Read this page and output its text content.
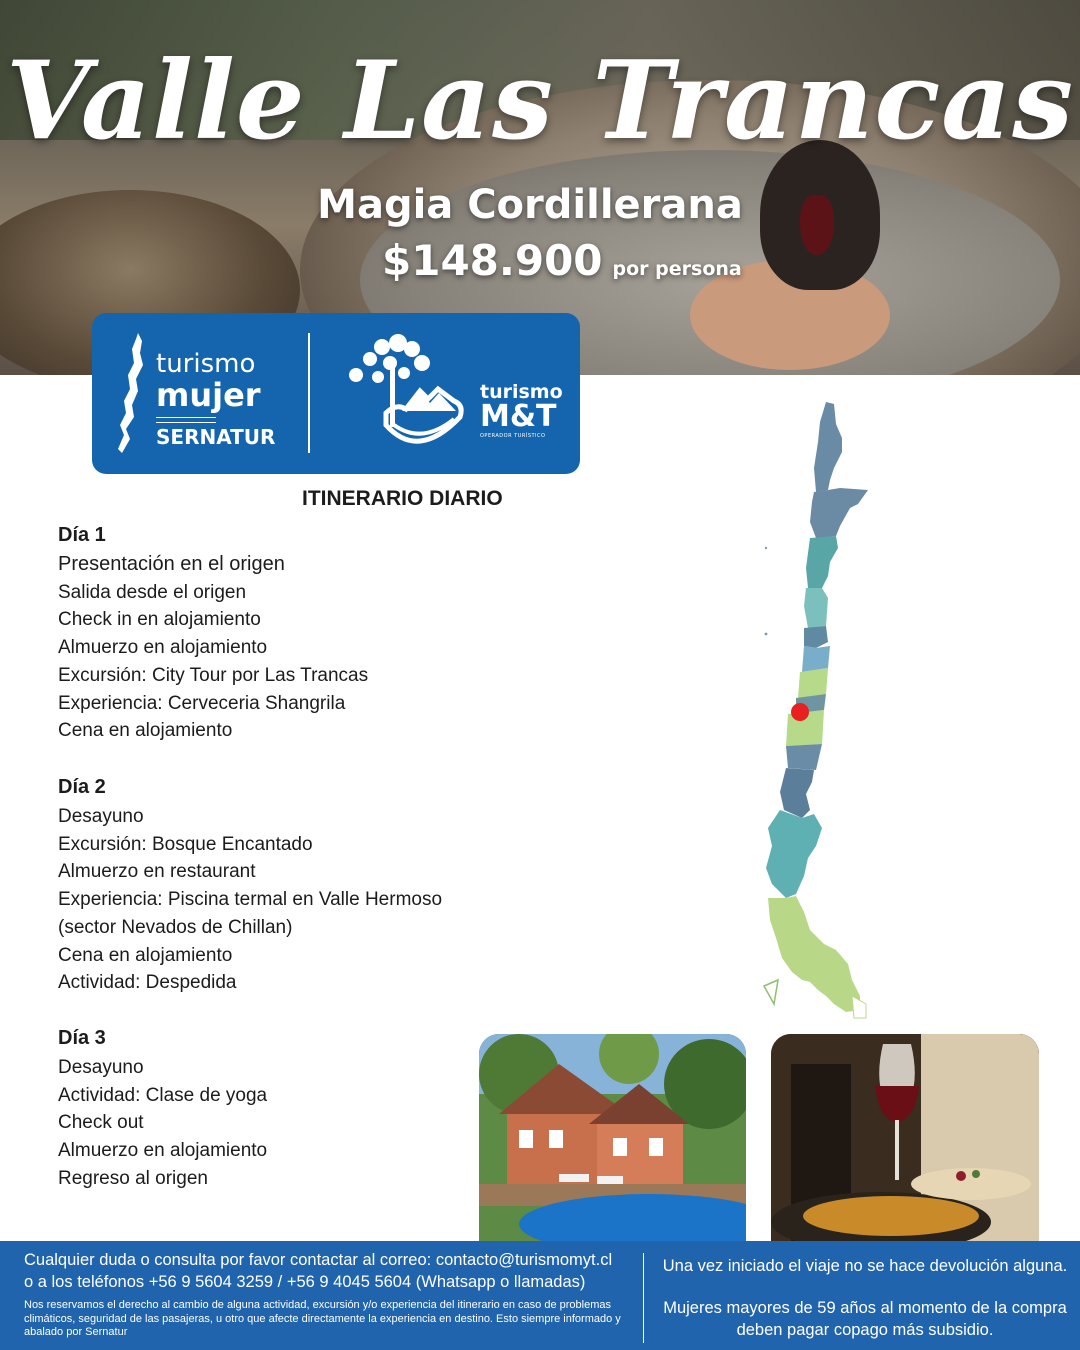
Valle Las Trancas
Magia Cordillerana
$148.900 por persona
turismo
mujer
SERNATUR
turismo
M&T
OPERADOR TURÍSTICO
ITINERARIO DIARIO

Día 1

Presentación en el origen

Salida desde el origen

Check in en alojamiento

Almuerzo en alojamiento

Excursión: City Tour por Las Trancas

Experiencia: Cerveceria Shangrila

Cena en alojamiento

Día 2

Desayuno

Excursión: Bosque Encantado

Almuerzo en restaurant

Experiencia: Piscina termal en Valle Hermoso

(sector Nevados de Chillan)

Cena en alojamiento

Actividad: Despedida

Día 3

Desayuno

Actividad: Clase de yoga

Check out

Almuerzo en alojamiento

Regreso al origen

Cualquier duda o consulta por favor contactar al correo: contacto@turismomyt.cl
o a los teléfonos +56 9 5604 3259 / +56 9 4045 5604 (Whatsapp o llamadas)
Nos reservamos el derecho al cambio de alguna actividad, excursión y/o experiencia del itinerario en caso de problemas climáticos, seguridad de las pasajeras, u otro que afecte directamente la experiencia en destino. Esto siempre informado y abalado por Sernatur
Una vez iniciado el viaje no se hace devolución alguna.
Mujeres mayores de 59 años al momento de la compra deben pagar copago más subsidio.
